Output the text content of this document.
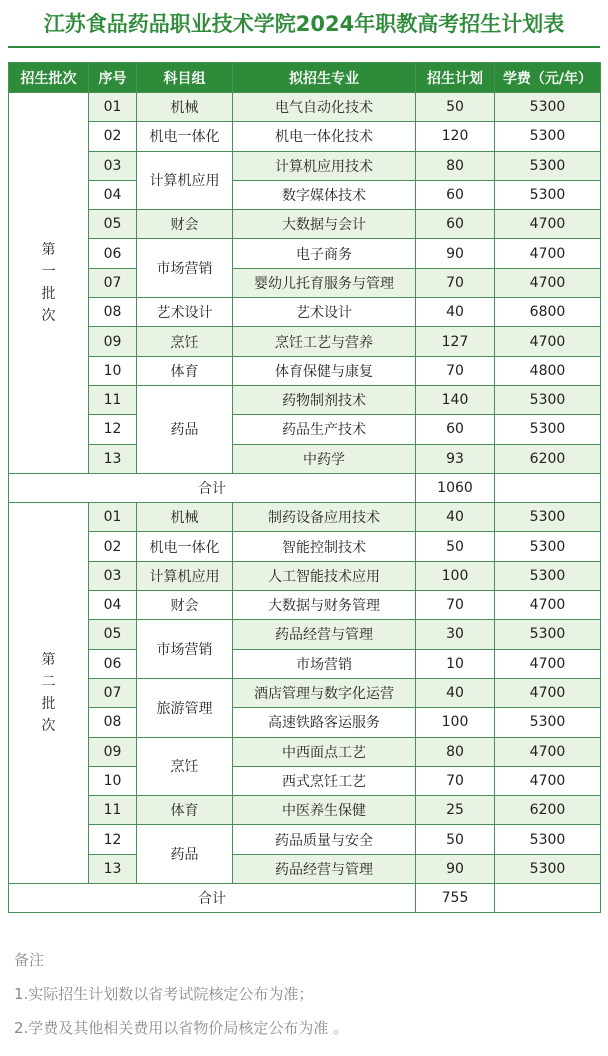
江苏食品药品职业技术学院2024年职教高考招生计划表
招生批次	序号	科目组	拟招生专业	招生计划	学费（元/年）

第
一
批
次	01	机械	电气自动化技术	50	5300
	02	机电一体化	机电一体化技术	120	5300
	03	计算机应用	计算机应用技术	80	5300
	04		数字媒体技术	60	5300
	05	财会	大数据与会计	60	4700
	06	市场营销	电子商务	90	4700
	07		婴幼儿托育服务与管理	70	4700
	08	艺术设计	艺术设计	40	6800
	09	烹饪	烹饪工艺与营养	127	4700
	10	体育	体育保健与康复	70	4800
	11	药品	药物制剂技术	140	5300
	12		药品生产技术	60	5300
	13		中药学	93	6200
合计				1060	

第
二
批
次	01	机械	制药设备应用技术	40	5300
	02	机电一体化	智能控制技术	50	5300
	03	计算机应用	人工智能技术应用	100	5300
	04	财会	大数据与财务管理	70	4700
	05	市场营销	药品经营与管理	30	5300
	06		市场营销	10	4700
	07	旅游管理	酒店管理与数字化运营	40	4700
	08		高速铁路客运服务	100	5300
	09	烹饪	中西面点工艺	80	4700
	10		西式烹饪工艺	70	4700
	11	体育	中医养生保健	25	6200
	12	药品	药品质量与安全	50	5300
	13		药品经营与管理	90	5300
合计				755	
备注
1.实际招生计划数以省考试院核定公布为准；
2.学费及其他相关费用以省物价局核定公布为准 。
